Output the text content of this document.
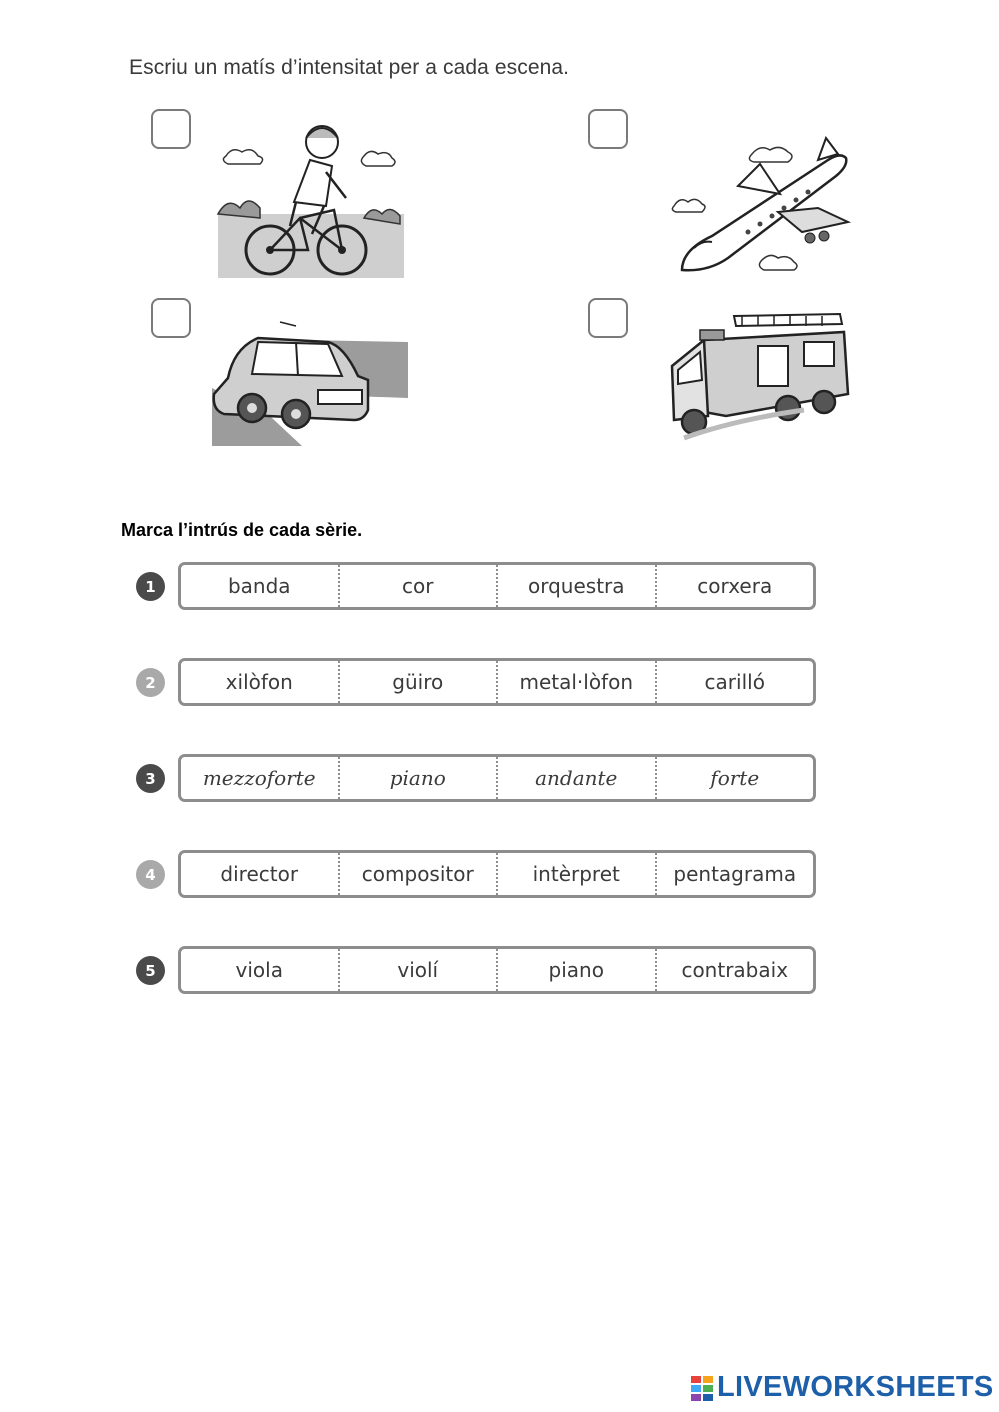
Escriu un matís d’intensitat per a cada escena.
Marca l’intrús de cada sèrie.
1	banda	cor	orquestra	corxera
2	xilòfon	güiro	metal·lòfon	carilló
3	mezzoforte	piano	andante	forte
4	director	compositor	intèrpret	pentagrama
5	viola	violí	piano	contrabaix
LIVEWORKSHEETS
